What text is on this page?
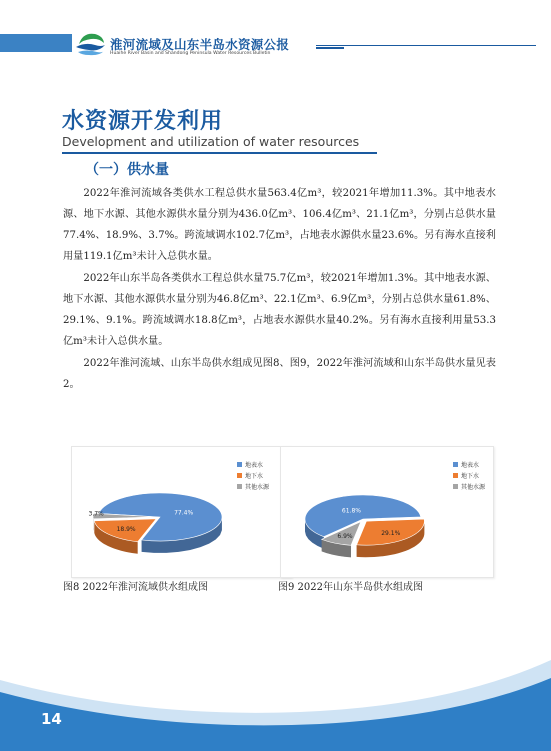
淮河流域及山东半岛水资源公报
Huaihe River Basin and Shandong Peninsula Water Resources Bulletin
水资源开发利用
Development and utilization of water resources
（一）供水量

2022年淮河流域各类供水工程总供水量563.4亿m³，较2021年增加11.3%。其中地表水源、地下水源、其他水源供水量分别为436.0亿m³、106.4亿m³、21.1亿m³，分别占总供水量77.4%、18.9%、3.7%。跨流域调水102.7亿m³，占地表水源供水量23.6%。另有海水直接利用量119.1亿m³未计入总供水量。

2022年山东半岛各类供水工程总供水量75.7亿m³，较2021年增加1.3%。其中地表水源、地下水源、其他水源供水量分别为46.8亿m³、22.1亿m³、6.9亿m³，分别占总供水量61.8%、29.1%、9.1%。跨流域调水18.8亿m³，占地表水源供水量40.2%。另有海水直接利用量53.3亿m³未计入总供水量。

2022年淮河流域、山东半岛供水组成见图8、图9，2022年淮河流域和山东半岛供水量见表2。

77.4%
18.9%
3.7%
地表水
地下水
其他水源
61.8%
29.1%
6.9%
地表水
地下水
其他水源
图8 2022年淮河流域供水组成图	图9 2022年山东半岛供水组成图
14
